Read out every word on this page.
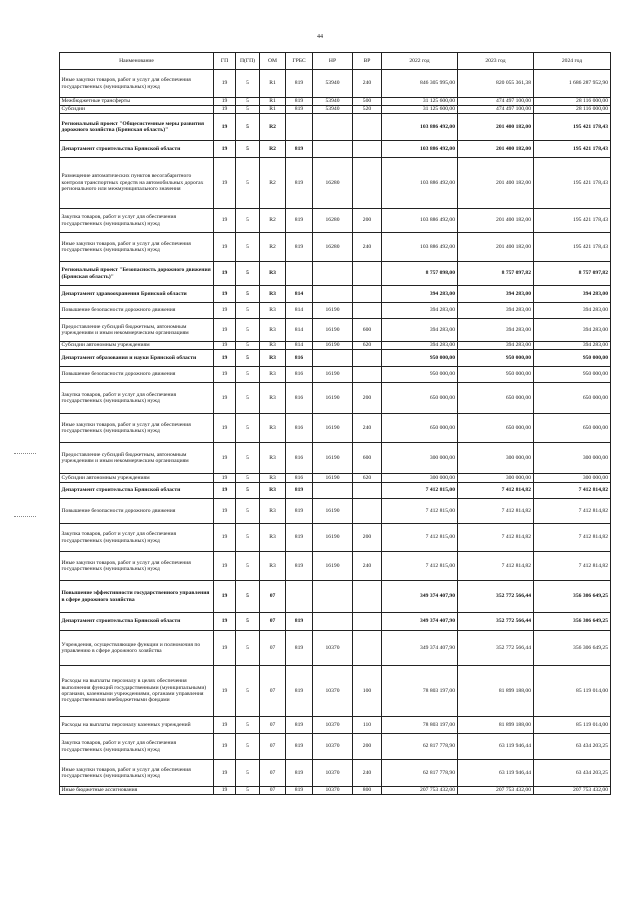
44
Наименование	ГП	П(ГП)	ОМ	ГРБС	НР	ВР	2022 год	2023 год	2024 год
Иные закупки товаров, работ и услуг для обеспечения государственных (муниципальных) нужд	19	5	R1	819	53940	240	846 305 995,00	820 055 361,38	1 686 287 952,90
Межбюджетные трансферты	19	5	R1	819	53940	500	31 125 600,00	474 497 100,00	28 116 000,00
Субсидии	19	5	R1	819	53940	520	31 125 600,00	474 497 100,00	28 116 000,00
Региональный проект "Общесистемные меры развития дорожного хозяйства (Брянская область)"	19	5	R2				103 886 492,00	201 400 182,00	195 421 178,43
Департамент строительства Брянской области	19	5	R2	819			103 886 492,00	201 400 182,00	195 421 178,43
Размещение автоматических пунктов весогабаритного контроля транспортных средств на автомобильных дорогах регионального или межмуниципального значения	19	5	R2	819	16280		103 886 492,00	201 400 182,00	195 421 178,43
Закупка товаров, работ и услуг для обеспечения государственных (муниципальных) нужд	19	5	R2	819	16280	200	103 886 492,00	201 400 182,00	195 421 178,43
Иные закупки товаров, работ и услуг для обеспечения государственных (муниципальных) нужд	19	5	R2	819	16280	240	103 886 492,00	201 400 182,00	195 421 178,43
Региональный проект "Безопасность дорожного движения (Брянская область)"	19	5	R3				8 757 098,00	8 757 097,82	8 757 097,82
Департамент здравоохранения Брянской области	19	5	R3	814			394 283,00	394 283,00	394 283,00
Повышение безопасности дорожного движения	19	5	R3	814	16190		394 283,00	394 283,00	394 283,00
Предоставление субсидий бюджетным, автономным учреждениям и иным некоммерческим организациям	19	5	R3	814	16190	600	394 283,00	394 283,00	394 283,00
Субсидии автономным учреждениям	19	5	R3	814	16190	620	394 283,00	394 283,00	394 283,00
Департамент образования и науки Брянской области	19	5	R3	816			950 000,00	950 000,00	950 000,00
Повышение безопасности дорожного движения	19	5	R3	816	16190		950 000,00	950 000,00	950 000,00
Закупка товаров, работ и услуг для обеспечения государственных (муниципальных) нужд	19	5	R3	816	16190	200	650 000,00	650 000,00	650 000,00
Иные закупки товаров, работ и услуг для обеспечения государственных (муниципальных) нужд	19	5	R3	816	16190	240	650 000,00	650 000,00	650 000,00
Предоставление субсидий бюджетным, автономным учреждениям и иным некоммерческим организациям	19	5	R3	816	16190	600	300 000,00	300 000,00	300 000,00
Субсидии автономным учреждениям	19	5	R3	816	16190	620	300 000,00	300 000,00	300 000,00
Департамент строительства Брянской области	19	5	R3	819			7 412 815,00	7 412 814,82	7 412 814,82
Повышение безопасности дорожного движения	19	5	R3	819	16190		7 412 815,00	7 412 814,82	7 412 814,82
Закупка товаров, работ и услуг для обеспечения государственных (муниципальных) нужд	19	5	R3	819	16190	200	7 412 815,00	7 412 814,82	7 412 814,82
Иные закупки товаров, работ и услуг для обеспечения государственных (муниципальных) нужд	19	5	R3	819	16190	240	7 412 815,00	7 412 814,82	7 412 814,82
Повышение эффективности государственного управления в сфере дорожного хозяйства	19	5	07				349 374 407,90	352 772 566,44	356 306 649,25
Департамент строительства Брянской области	19	5	07	819			349 374 407,90	352 772 566,44	356 306 649,25
Учреждения, осуществляющие функции и полномочия по управлению в сфере дорожного хозяйства	19	5	07	819	10370		349 374 407,90	352 772 566,44	356 306 649,25
Расходы на выплаты персоналу в целях обеспечения выполнения функций государственными (муниципальными) органами, казенными учреждениями, органами управления государственными внебюджетными фондами	19	5	07	819	10370	100	78 803 197,00	81 899 188,00	85 119 014,00
Расходы на выплаты персоналу казенных учреждений	19	5	07	819	10370	110	78 803 197,00	81 899 188,00	85 119 014,00
Закупка товаров, работ и услуг для обеспечения государственных (муниципальных) нужд	19	5	07	819	10370	200	62 817 778,90	63 119 946,44	63 434 203,25
Иные закупки товаров, работ и услуг для обеспечения государственных (муниципальных) нужд	19	5	07	819	10370	240	62 817 778,90	63 119 946,44	63 434 203,25
Иные бюджетные ассигнования	19	5	07	819	10370	800	207 753 432,00	207 753 432,00	207 753 432,00
